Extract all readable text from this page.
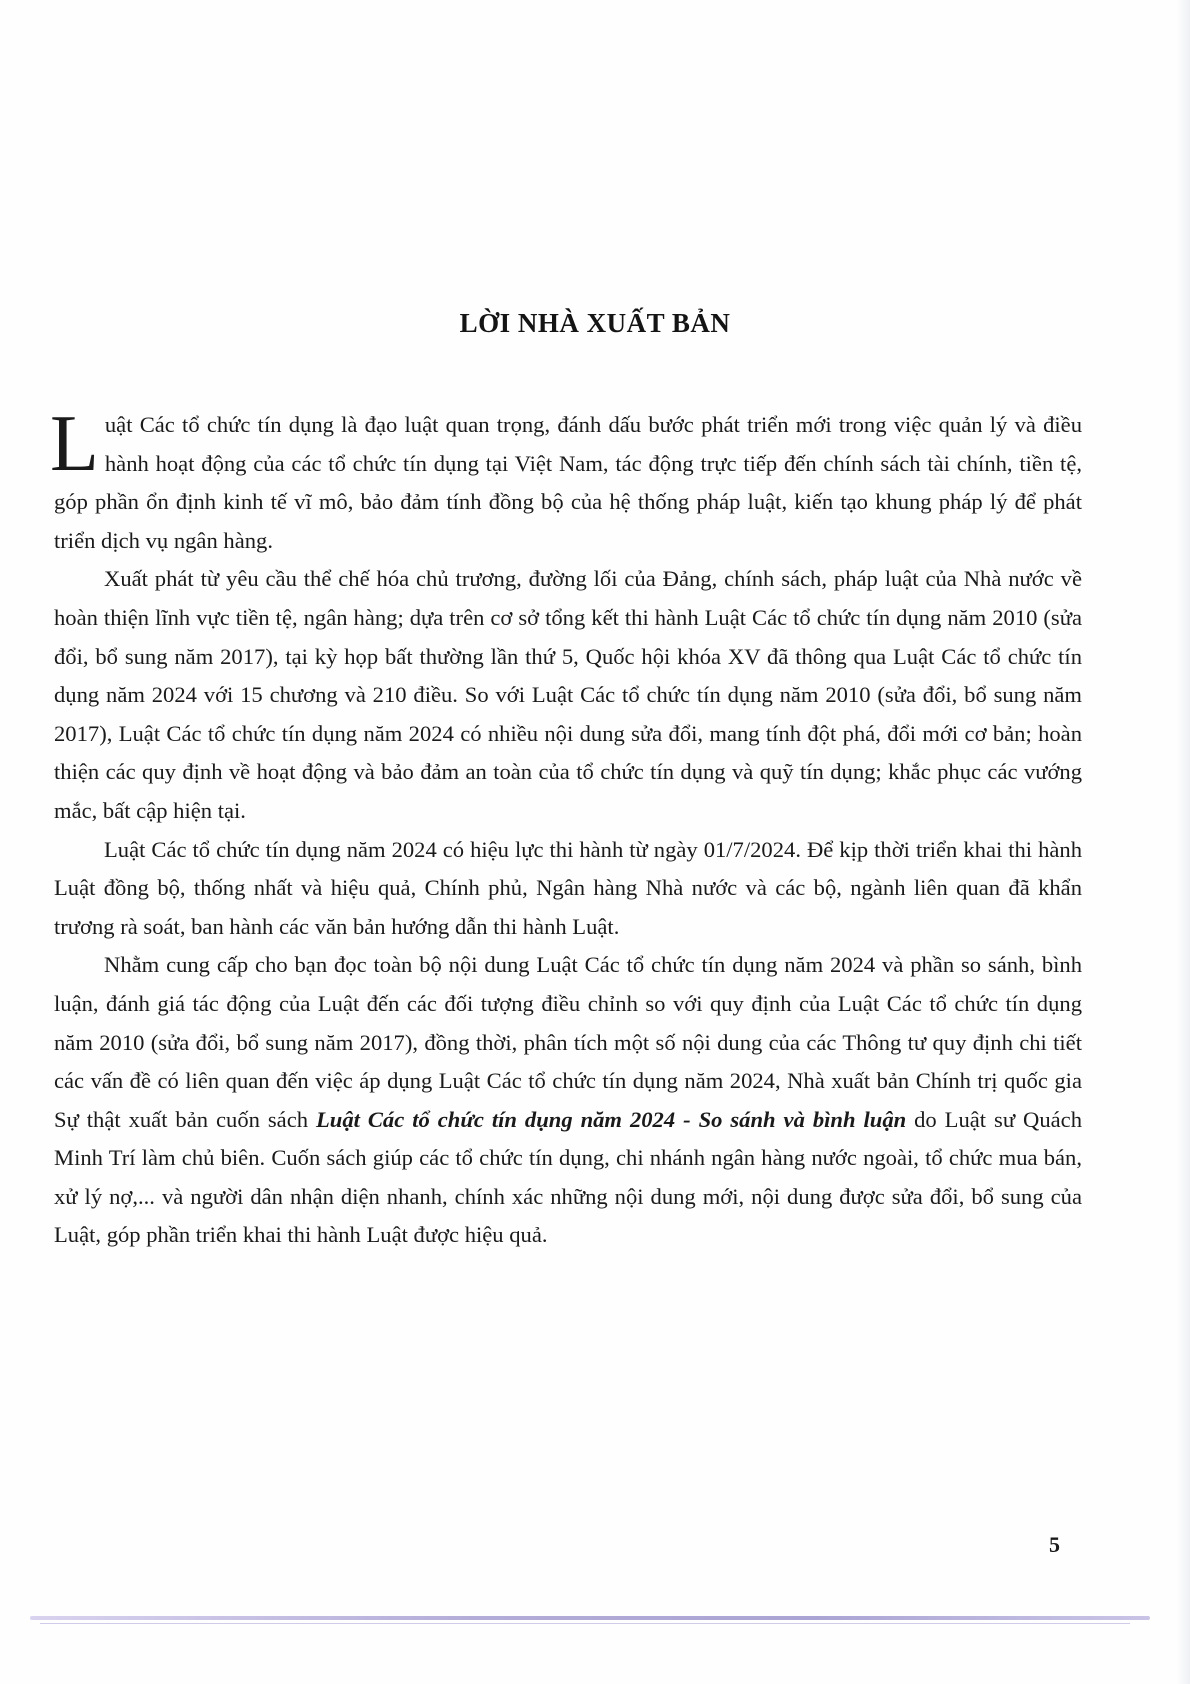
LỜI NHÀ XUẤT BẢN

Luật Các tổ chức tín dụng là đạo luật quan trọng, đánh dấu bước phát triển mới trong việc quản lý và điều hành hoạt động của các tổ chức tín dụng tại Việt Nam, tác động trực tiếp đến chính sách tài chính, tiền tệ, góp phần ổn định kinh tế vĩ mô, bảo đảm tính đồng bộ của hệ thống pháp luật, kiến tạo khung pháp lý để phát triển dịch vụ ngân hàng.

Xuất phát từ yêu cầu thể chế hóa chủ trương, đường lối của Đảng, chính sách, pháp luật của Nhà nước về hoàn thiện lĩnh vực tiền tệ, ngân hàng; dựa trên cơ sở tổng kết thi hành Luật Các tổ chức tín dụng năm 2010 (sửa đổi, bổ sung năm 2017), tại kỳ họp bất thường lần thứ 5, Quốc hội khóa XV đã thông qua Luật Các tổ chức tín dụng năm 2024 với 15 chương và 210 điều. So với Luật Các tổ chức tín dụng năm 2010 (sửa đổi, bổ sung năm 2017), Luật Các tổ chức tín dụng năm 2024 có nhiều nội dung sửa đổi, mang tính đột phá, đổi mới cơ bản; hoàn thiện các quy định về hoạt động và bảo đảm an toàn của tổ chức tín dụng và quỹ tín dụng; khắc phục các vướng mắc, bất cập hiện tại.

Luật Các tổ chức tín dụng năm 2024 có hiệu lực thi hành từ ngày 01/7/2024. Để kịp thời triển khai thi hành Luật đồng bộ, thống nhất và hiệu quả, Chính phủ, Ngân hàng Nhà nước và các bộ, ngành liên quan đã khẩn trương rà soát, ban hành các văn bản hướng dẫn thi hành Luật.

Nhằm cung cấp cho bạn đọc toàn bộ nội dung Luật Các tổ chức tín dụng năm 2024 và phần so sánh, bình luận, đánh giá tác động của Luật đến các đối tượng điều chỉnh so với quy định của Luật Các tổ chức tín dụng năm 2010 (sửa đổi, bổ sung năm 2017), đồng thời, phân tích một số nội dung của các Thông tư quy định chi tiết các vấn đề có liên quan đến việc áp dụng Luật Các tổ chức tín dụng năm 2024, Nhà xuất bản Chính trị quốc gia Sự thật xuất bản cuốn sách Luật Các tổ chức tín dụng năm 2024 - So sánh và bình luận do Luật sư Quách Minh Trí làm chủ biên. Cuốn sách giúp các tổ chức tín dụng, chi nhánh ngân hàng nước ngoài, tổ chức mua bán, xử lý nợ,... và người dân nhận diện nhanh, chính xác những nội dung mới, nội dung được sửa đổi, bổ sung của Luật, góp phần triển khai thi hành Luật được hiệu quả.

5
